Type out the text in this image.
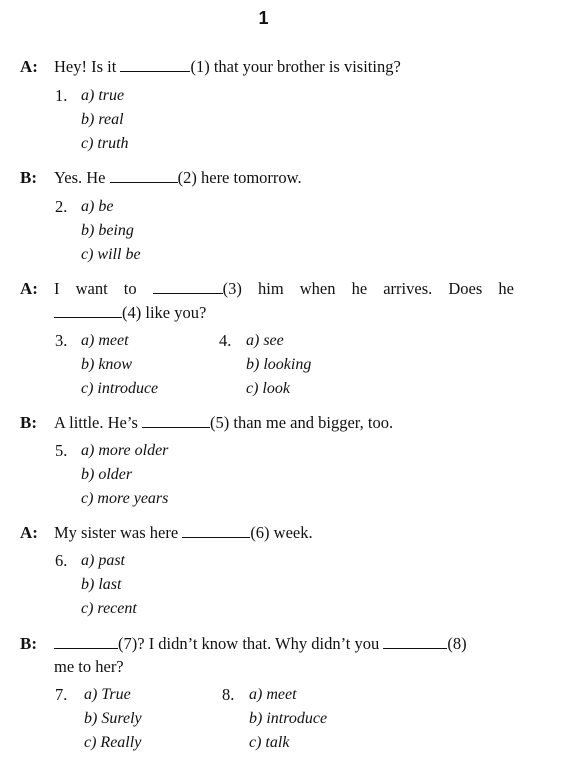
1
A: Hey! Is it	(1) that your brother is visiting?
1. a) true
b) real
c) truth
B: Yes. He	(2) here tomorrow.
2. a) be
b) being
c) will be
A: I want to	(3) him when he arrives. Does he
(4) like you?
3. a) meet
b) know
c) introduce
4. a) see
b) looking
c) look
B: A little. He’s	(5) than me and bigger, too.
5. a) more older
b) older
c) more years
A: My sister was here	(6) week.
6. a) past
b) last
c) recent
B:	(7)? I didn’t know that. Why didn’t you	(8)
me to her?
7. a) True
b) Surely
c) Really
8. a) meet
b) introduce
c) talk
